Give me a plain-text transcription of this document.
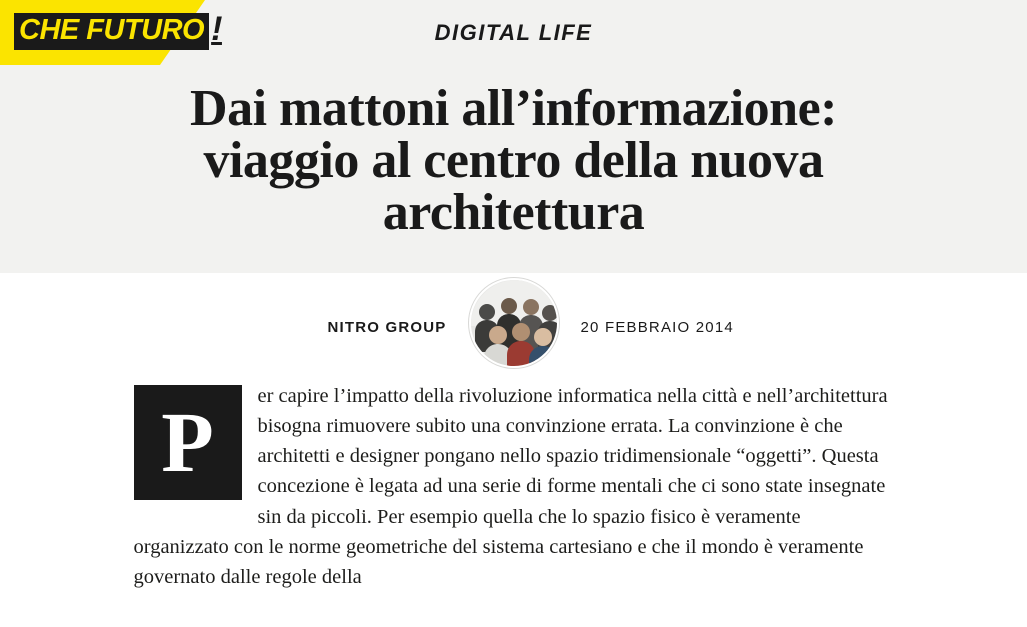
CHE FUTURO !	DIGITAL LIFE
Dai mattoni all’informazione: viaggio al centro della nuova architettura
NITRO GROUP	20 FEBBRAIO 2014
P	er capire l’impatto della rivoluzione informatica nella città e nell’architettura bisogna rimuovere subito una convinzione errata. La convinzione è che architetti e designer pongano nello spazio tridimensionale “oggetti”. Questa concezione è legata ad una serie di forme mentali che ci sono state insegnate sin da piccoli. Per esempio quella che lo spazio fisico è veramente organizzato con le norme geometriche del sistema cartesiano e che il mondo è veramente governato dalle regole della
